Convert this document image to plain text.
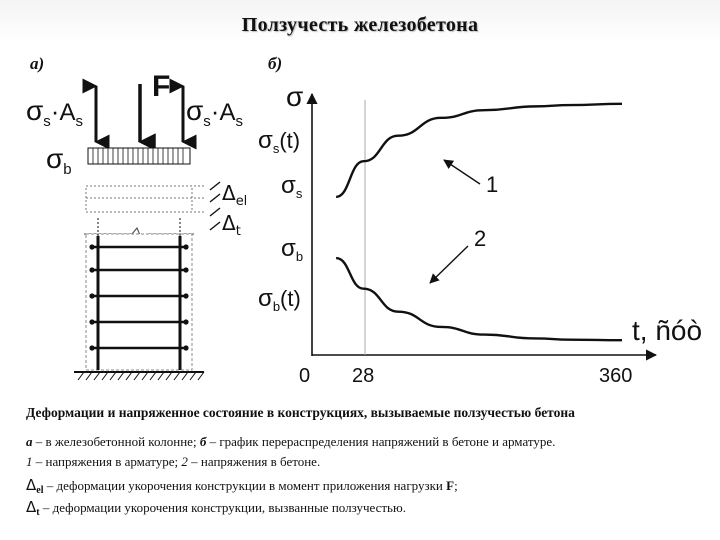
Ползучесть железобетона
а)	б)
F
σs·As	σs·As
σb
$\Delta_{el}$
$\Delta_t$
σ
t, ñóò
$\sigma_s(t)$
$\sigma_s$
$\sigma_b$
$\sigma_b(t)$
0 28	360
1
2
Деформации и напряженное состояние в конструкциях, вызываемые ползучестью бетона
а – в железобетонной колонне; б – график перераспределения напряжений в бетоне и арматуре.
1 – напряжения в арматуре; 2 – напряжения в бетоне.
$\Delta_{el}$ – деформации укорочения конструкции в момент приложения нагрузки F;
$\Delta_t$ – деформации укорочения конструкции, вызванные ползучестью.
